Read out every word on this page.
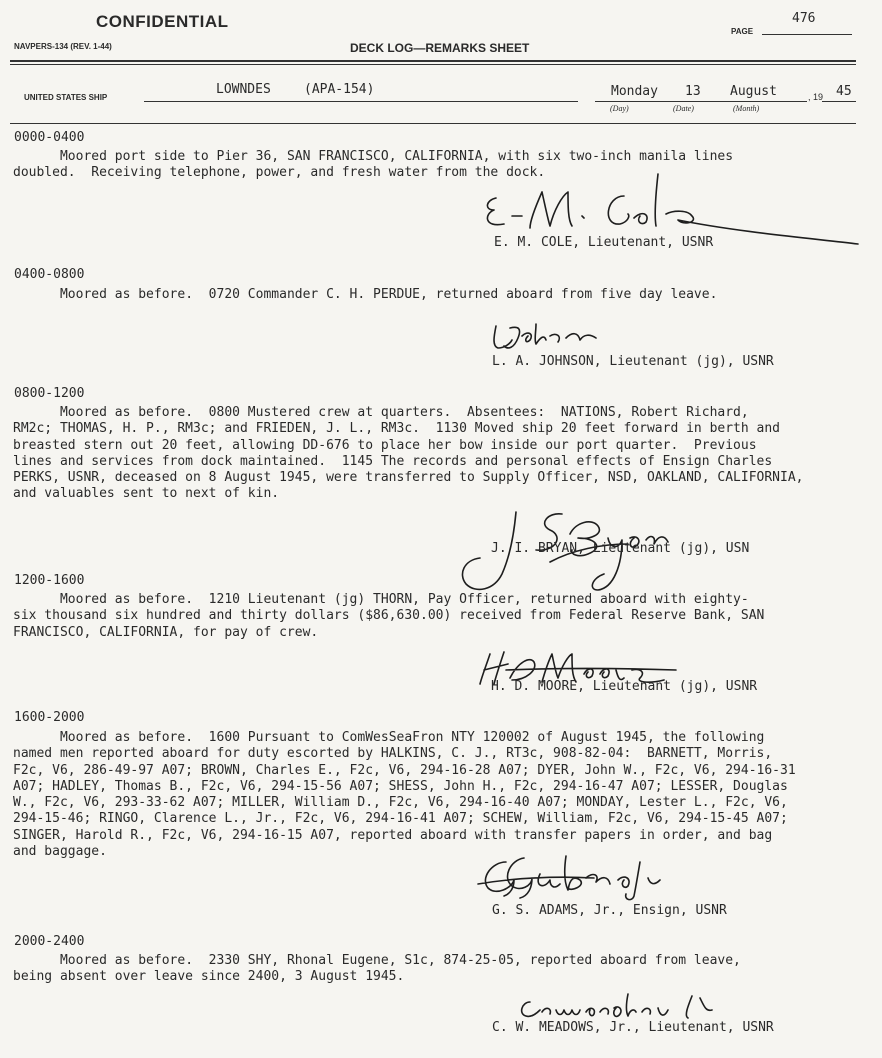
CONFIDENTIAL
NAVPERS-134 (REV. 1-44)	DECK LOG—REMARKS SHEET
PAGE
476
UNITED STATES SHIP
LOWNDES	(APA-154)	Monday 13 August
(Day)	(Date)	(Month)
, 19 45
0000-0400
Moored port side to Pier 36, SAN FRANCISCO, CALIFORNIA, with six two-inch manila lines
doubled.  Receiving telephone, power, and fresh water from the dock.
E. M. COLE, Lieutenant, USNR
0400-0800
Moored as before.  0720 Commander C. H. PERDUE, returned aboard from five day leave.
L. A. JOHNSON, Lieutenant (jg), USNR
0800-1200
Moored as before.  0800 Mustered crew at quarters.  Absentees:  NATIONS, Robert Richard,
RM2c; THOMAS, H. P., RM3c; and FRIEDEN, J. L., RM3c.  1130 Moved ship 20 feet forward in berth and
breasted stern out 20 feet, allowing DD-676 to place her bow inside our port quarter.  Previous
lines and services from dock maintained.  1145 The records and personal effects of Ensign Charles
PERKS, USNR, deceased on 8 August 1945, were transferred to Supply Officer, NSD, OAKLAND, CALIFORNIA,
and valuables sent to next of kin.
J. I. BRYAN, Lieutenant (jg), USN
1200-1600
Moored as before.  1210 Lieutenant (jg) THORN, Pay Officer, returned aboard with eighty-
six thousand six hundred and thirty dollars ($86,630.00) received from Federal Reserve Bank, SAN
FRANCISCO, CALIFORNIA, for pay of crew.
H. D. MOORE, Lieutenant (jg), USNR
1600-2000
Moored as before.  1600 Pursuant to ComWesSeaFron NTY 120002 of August 1945, the following
named men reported aboard for duty escorted by HALKINS, C. J., RT3c, 908-82-04:  BARNETT, Morris,
F2c, V6, 286-49-97 A07; BROWN, Charles E., F2c, V6, 294-16-28 A07; DYER, John W., F2c, V6, 294-16-31
A07; HADLEY, Thomas B., F2c, V6, 294-15-56 A07; SHESS, John H., F2c, 294-16-47 A07; LESSER, Douglas
W., F2c, V6, 293-33-62 A07; MILLER, William D., F2c, V6, 294-16-40 A07; MONDAY, Lester L., F2c, V6,
294-15-46; RINGO, Clarence L., Jr., F2c, V6, 294-16-41 A07; SCHEW, William, F2c, V6, 294-15-45 A07;
SINGER, Harold R., F2c, V6, 294-16-15 A07, reported aboard with transfer papers in order, and bag
and baggage.
G. S. ADAMS, Jr., Ensign, USNR
2000-2400
Moored as before.  2330 SHY, Rhonal Eugene, S1c, 874-25-05, reported aboard from leave,
being absent over leave since 2400, 3 August 1945.
C. W. MEADOWS, Jr., Lieutenant, USNR
